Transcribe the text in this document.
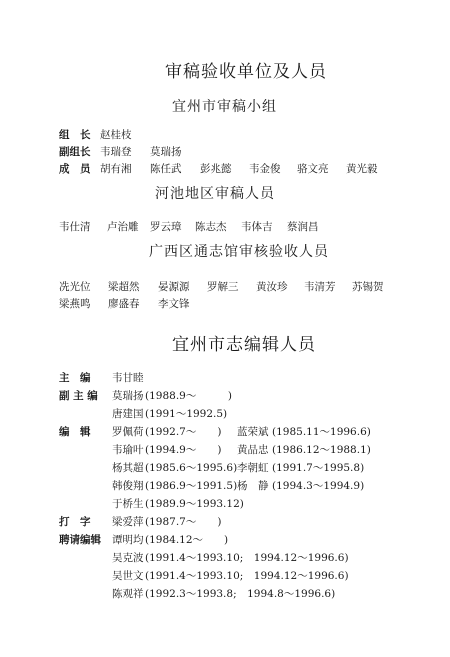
审稿验收单位及人员
宜州市审稿小组
组　长 赵桂枝
副组长 韦瑞登 莫瑞扬
成　员 胡有湘 陈任武 彭兆懿 韦金俊 骆文亮 黄光毅
河池地区审稿人员
韦仕清 卢治雕 罗云璋 陈志杰 韦体吉 蔡润昌
广西区通志馆审核验收人员
冼光位 梁超然 晏源源 罗解三 黄汝珍 韦清芳 苏锡贺
梁燕鸣 廖盛春 李文锋
宜州市志编辑人员
主　编 韦甘睦
副 主 编 莫瑞扬 (1988.9～　　　)
唐建国 (1991～1992.5)
编　辑 罗佩荷 (1992.7～　　) 蓝荣斌 (1985.11～1996.6)
韦瑜叶 (1994.9～　　) 黄品忠 (1986.12～1988.1)
杨其超 (1985.6～1995.6) 李朝虹 (1991.7～1995.8)
韩俊翔 (1986.9～1991.5) 杨　静 (1994.3～1994.9)
于桥生 (1989.9～1993.12)
打　字 梁爱萍 (1987.7～　　)
聘请编辑 谭明均 (1984.12～　　)
吴克波 (1991.4～1993.10;　1994.12～1996.6)
吴世文 (1991.4～1993.10;　1994.12～1996.6)
陈观祥 (1992.3～1993.8;　1994.8～1996.6)
